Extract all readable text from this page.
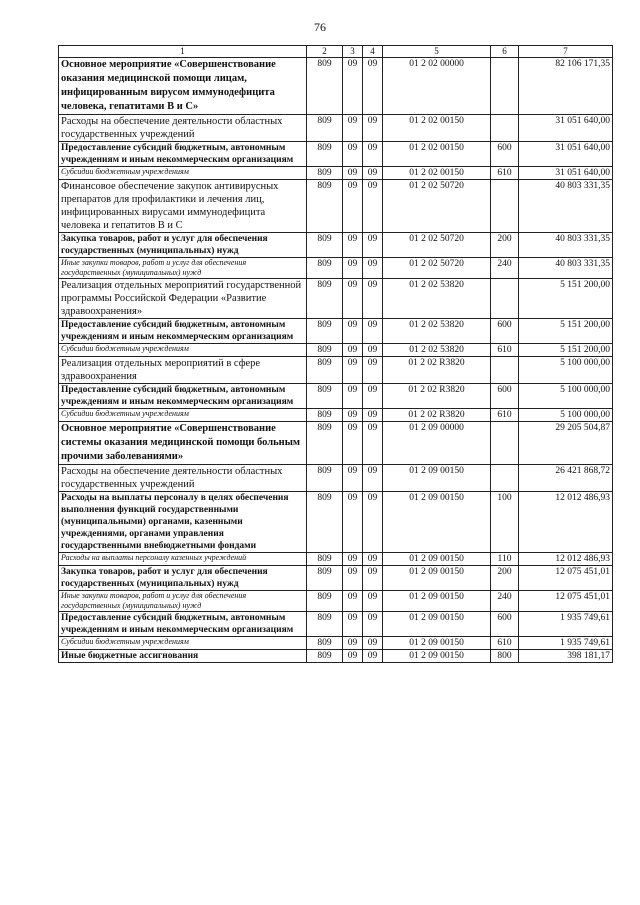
76
1	2	3	4	5	6	7
Основное мероприятие «Совершенствование оказания медицинской помощи лицам, инфицированным вирусом иммунодефицита человека, гепатитами В и С»	809	09	09	01 2 02 00000		82 106 171,35
Расходы на обеспечение деятельности областных государственных учреждений	809	09	09	01 2 02 00150		31 051 640,00
Предоставление субсидий бюджетным, автономным учреждениям и иным некоммерческим организациям	809	09	09	01 2 02 00150	600	31 051 640,00
Субсидии бюджетным учреждениям	809	09	09	01 2 02 00150	610	31 051 640,00
Финансовое обеспечение закупок антивирусных препаратов для профилактики и лечения лиц, инфицированных вирусами иммунодефицита человека и гепатитов В и С	809	09	09	01 2 02 50720		40 803 331,35
Закупка товаров, работ и услуг для обеспечения государственных (муниципальных) нужд	809	09	09	01 2 02 50720	200	40 803 331,35
Иные закупки товаров, работ и услуг для обеспечения государственных (муниципальных) нужд	809	09	09	01 2 02 50720	240	40 803 331,35
Реализация отдельных мероприятий государственной программы Российской Федерации «Развитие здравоохранения»	809	09	09	01 2 02 53820		5 151 200,00
Предоставление субсидий бюджетным, автономным учреждениям и иным некоммерческим организациям	809	09	09	01 2 02 53820	600	5 151 200,00
Субсидии бюджетным учреждениям	809	09	09	01 2 02 53820	610	5 151 200,00
Реализация отдельных мероприятий в сфере здравоохранения	809	09	09	01 2 02 R3820		5 100 000,00
Предоставление субсидий бюджетным, автономным учреждениям и иным некоммерческим организациям	809	09	09	01 2 02 R3820	600	5 100 000,00
Субсидии бюджетным учреждениям	809	09	09	01 2 02 R3820	610	5 100 000,00
Основное мероприятие «Совершенствование системы оказания медицинской помощи больным прочими заболеваниями»	809	09	09	01 2 09 00000		29 205 504,87
Расходы на обеспечение деятельности областных государственных учреждений	809	09	09	01 2 09 00150		26 421 868,72
Расходы на выплаты персоналу в целях обеспечения выполнения функций государственными (муниципальными) органами, казенными учреждениями, органами управления государственными внебюджетными фондами	809	09	09	01 2 09 00150	100	12 012 486,93
Расходы на выплаты персоналу казенных учреждений	809	09	09	01 2 09 00150	110	12 012 486,93
Закупка товаров, работ и услуг для обеспечения государственных (муниципальных) нужд	809	09	09	01 2 09 00150	200	12 075 451,01
Иные закупки товаров, работ и услуг для обеспечения государственных (муниципальных) нужд	809	09	09	01 2 09 00150	240	12 075 451,01
Предоставление субсидий бюджетным, автономным учреждениям и иным некоммерческим организациям	809	09	09	01 2 09 00150	600	1 935 749,61
Субсидии бюджетным учреждениям	809	09	09	01 2 09 00150	610	1 935 749,61
Иные бюджетные ассигнования	809	09	09	01 2 09 00150	800	398 181,17
